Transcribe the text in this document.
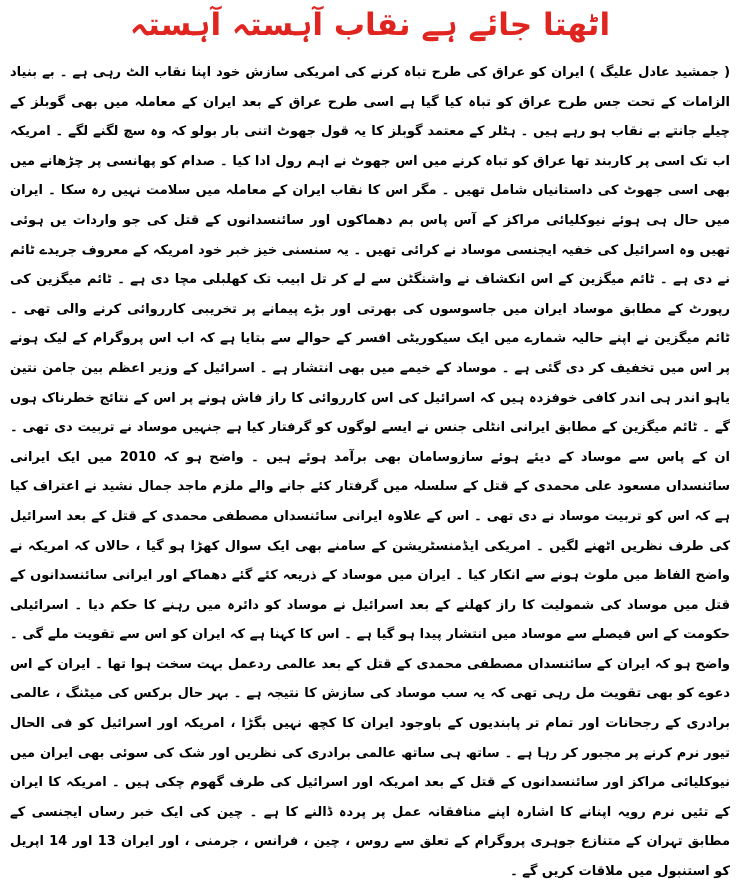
اٹھتا جائے ہے نقاب آہستہ آہستہ

( جمشید عادل علیگ ) ایران کو عراق کی طرح تباہ کرنے کی امریکی سازش خود اپنا نقاب الٹ رہی ہے ۔ بے بنیاد الزامات کے تحت جس طرح عراق کو تباہ کیا گیا ہے اسی طرح عراق کے بعد ایران کے معاملہ میں بھی گوبلز کے چیلے جانتے بے نقاب ہو رہے ہیں ۔ ہٹلر کے معتمد گوبلز کا یہ قول جھوٹ اتنی بار بولو کہ وہ سچ لگنے لگے ۔ امریکہ اب تک اسی پر کاربند تھا عراق کو تباہ کرنے میں اس جھوٹ نے اہم رول ادا کیا ۔ صدام کو پھانسی پر چڑھانے میں بھی اسی جھوٹ کی داستانیاں شامل تھیں ۔ مگر اس کا نقاب ایران کے معاملہ میں سلامت نہیں رہ سکا ۔ ایران میں حال ہی ہوئے نیوکلیائی مراکز کے آس پاس بم دھماکوں اور سائنسدانوں کے قتل کی جو واردات یں ہوئی تھیں وہ اسرائیل کی خفیہ ایجنسی موساد نے کرائی تھیں ۔ یہ سنسنی خیز خبر خود امریکہ کے معروف جریدے ٹائم نے دی ہے ۔ ٹائم میگزین کے اس انکشاف نے واشنگٹن سے لے کر تل ابیب تک کھلبلی مچا دی ہے ۔ ٹائم میگزین کی رپورٹ کے مطابق موساد ایران میں جاسوسوں کی بھرتی اور بڑے پیمانے پر تخریبی کارروائی کرنے والی تھی ۔ ٹائم میگزین نے اپنے حالیہ شمارے میں ایک سیکوریٹی افسر کے حوالے سے بتایا ہے کہ اب اس پروگرام کے لیک ہونے پر اس میں تخفیف کر دی گئی ہے ۔ موساد کے خیمے میں بھی انتشار ہے ۔ اسرائیل کے وزیر اعظم بین جامن نتین یاہو اندر ہی اندر کافی خوفزدہ ہیں کہ اسرائیل کی اس کارروائی کا راز فاش ہونے پر اس کے نتائج خطرناک ہوں گے ۔ ٹائم میگزین کے مطابق ایرانی انٹلی جنس نے ایسے لوگوں کو گرفتار کیا ہے جنہیں موساد نے تربیت دی تھی ۔ ان کے پاس سے موساد کے دیئے ہوئے سازوسامان بھی برآمد ہوئے ہیں ۔ واضح ہو کہ 2010 میں ایک ایرانی سائنسداں مسعود علی محمدی کے قتل کے سلسلہ میں گرفتار کئے جانے والے ملزم ماجد جمال نشید نے اعتراف کیا ہے کہ اس کو تربیت موساد نے دی تھی ۔ اس کے علاوہ ایرانی سائنسداں مصطفی محمدی کے قتل کے بعد اسرائیل کی طرف نظریں اٹھنے لگیں ۔ امریکی ایڈمنسٹریشن کے سامنے بھی ایک سوال کھڑا ہو گیا ، حالاں کہ امریکہ نے واضح الفاظ میں ملوث ہونے سے انکار کیا ۔ ایران میں موساد کے ذریعہ کئے گئے دھماکے اور ایرانی سائنسدانوں کے قتل میں موساد کی شمولیت کا راز کھلنے کے بعد اسرائیل نے موساد کو دائرہ میں رہنے کا حکم دیا ۔ اسرائیلی حکومت کے اس فیصلے سے موساد میں انتشار پیدا ہو گیا ہے ۔ اس کا کہنا ہے کہ ایران کو اس سے تقویت ملے گی ۔ واضح ہو کہ ایران کے سائنسداں مصطفی محمدی کے قتل کے بعد عالمی ردعمل بہت سخت ہوا تھا ۔ ایران کے اس دعوے کو بھی تقویت مل رہی تھی کہ یہ سب موساد کی سازش کا نتیجہ ہے ۔ بہر حال برکس کی میٹنگ ، عالمی برادری کے رجحانات اور تمام تر پابندیوں کے باوجود ایران کا کچھ نہیں بگڑا ، امریکہ اور اسرائیل کو فی الحال تیور نرم کرنے پر مجبور کر رہا ہے ۔ ساتھ ہی ساتھ عالمی برادری کی نظریں اور شک کی سوئی بھی ایران میں نیوکلیائی مراکز اور سائنسدانوں کے قتل کے بعد امریکہ اور اسرائیل کی طرف گھوم چکی ہیں ۔ امریکہ کا ایران کے تئیں نرم رویہ اپنانے کا اشارہ اپنے منافقانہ عمل پر پردہ ڈالنے کا ہے ۔ چین کی ایک خبر رساں ایجنسی کے مطابق تہران کے متنازع جوہری پروگرام کے تعلق سے روس ، چین ، فرانس ، جرمنی ، اور ایران 13 اور 14 اپریل کو استنبول میں ملاقات کریں گے ۔
